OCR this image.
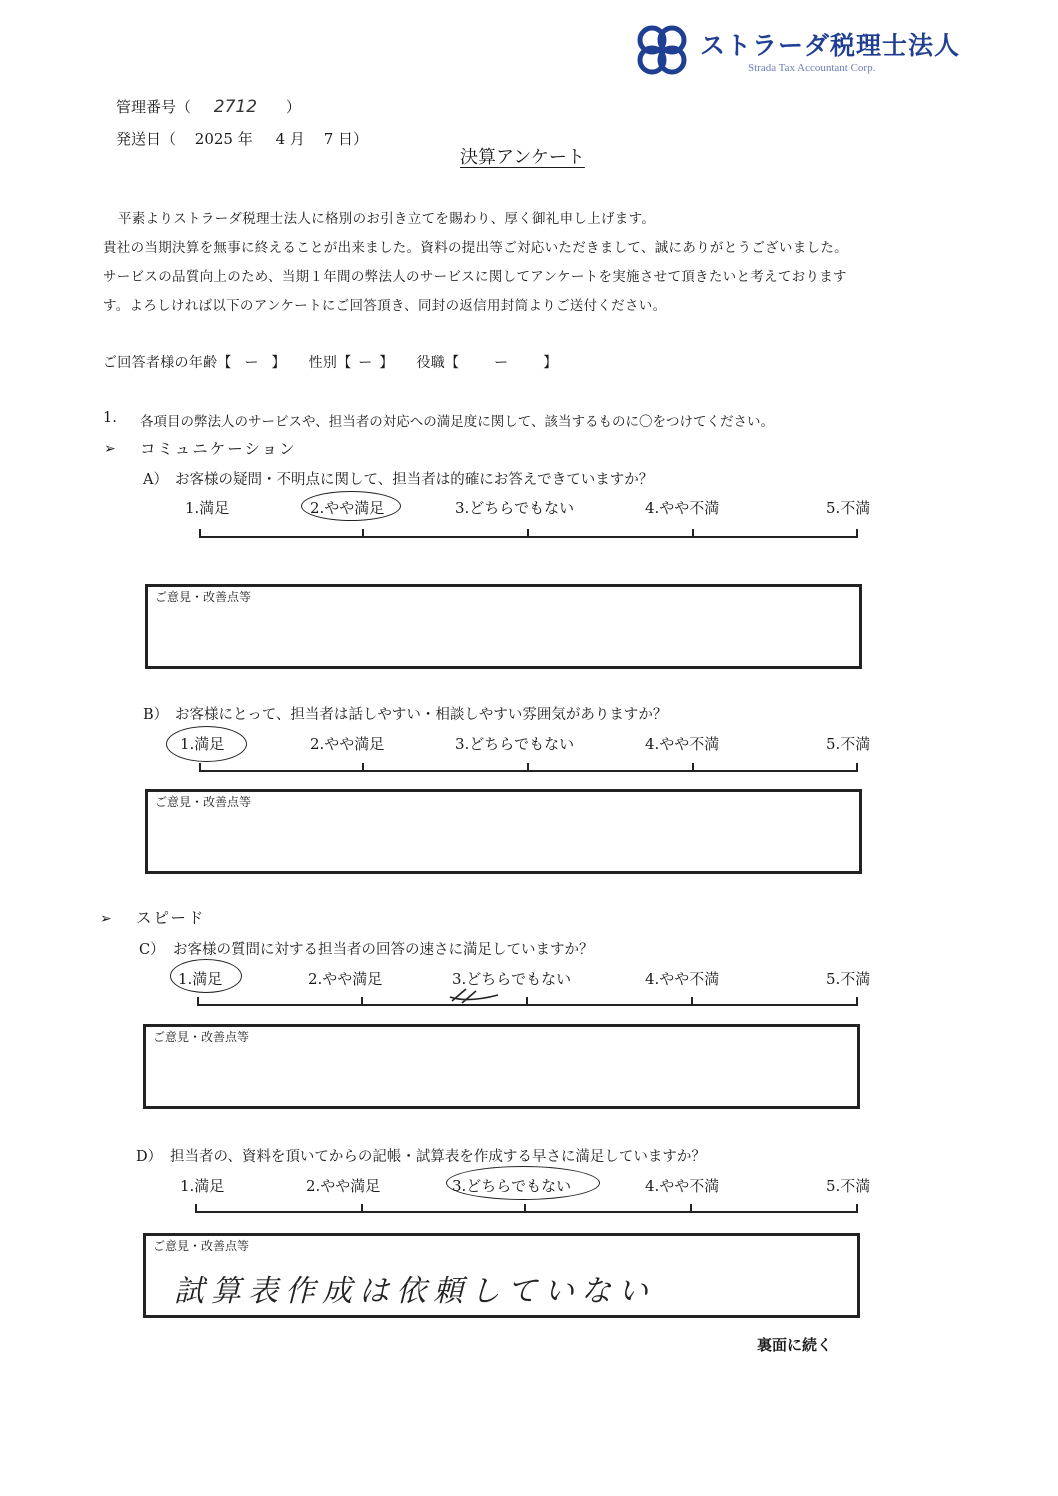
ストラーダ税理士法人
Strada Tax Accountant Corp.
管理番号（ 2712 ）
発送日（ 2025 年 4 月 7 日）
決算アンケート
平素よりストラーダ税理士法人に格別のお引き立てを賜わり、厚く御礼申し上げます。
貴社の当期決算を無事に終えることが出来ました。資料の提出等ご対応いただきまして、誠にありがとうございました。
サービスの品質向上のため、当期１年間の弊法人のサービスに関してアンケートを実施させて頂きたいと考えております
す。よろしければ以下のアンケートにご回答頂き、同封の返信用封筒よりご送付ください。
ご回答者様の年齢【 ー 】 性別【 ー 】 役職【 ー 】
1. 各項目の弊法人のサービスや、担当者の対応への満足度に関して、該当するものに〇をつけてください。
➢ コミュニケーション
A） お客様の疑問・不明点に関して、担当者は的確にお答えできていますか？
1.満足	2.やや満足	3.どちらでもない	4.やや不満	5.不満
ご意見・改善点等
B） お客様にとって、担当者は話しやすい・相談しやすい雰囲気がありますか？
1.満足	2.やや満足	3.どちらでもない	4.やや不満	5.不満
ご意見・改善点等
➢ スピード
C） お客様の質問に対する担当者の回答の速さに満足していますか？
1.満足	2.やや満足	3.どちらでもない	4.やや不満	5.不満
ご意見・改善点等
D） 担当者の、資料を頂いてからの記帳・試算表を作成する早さに満足していますか？
1.満足	2.やや満足	3.どちらでもない	4.やや不満	5.不満
ご意見・改善点等
試算表作成は依頼していない
裏面に続く
